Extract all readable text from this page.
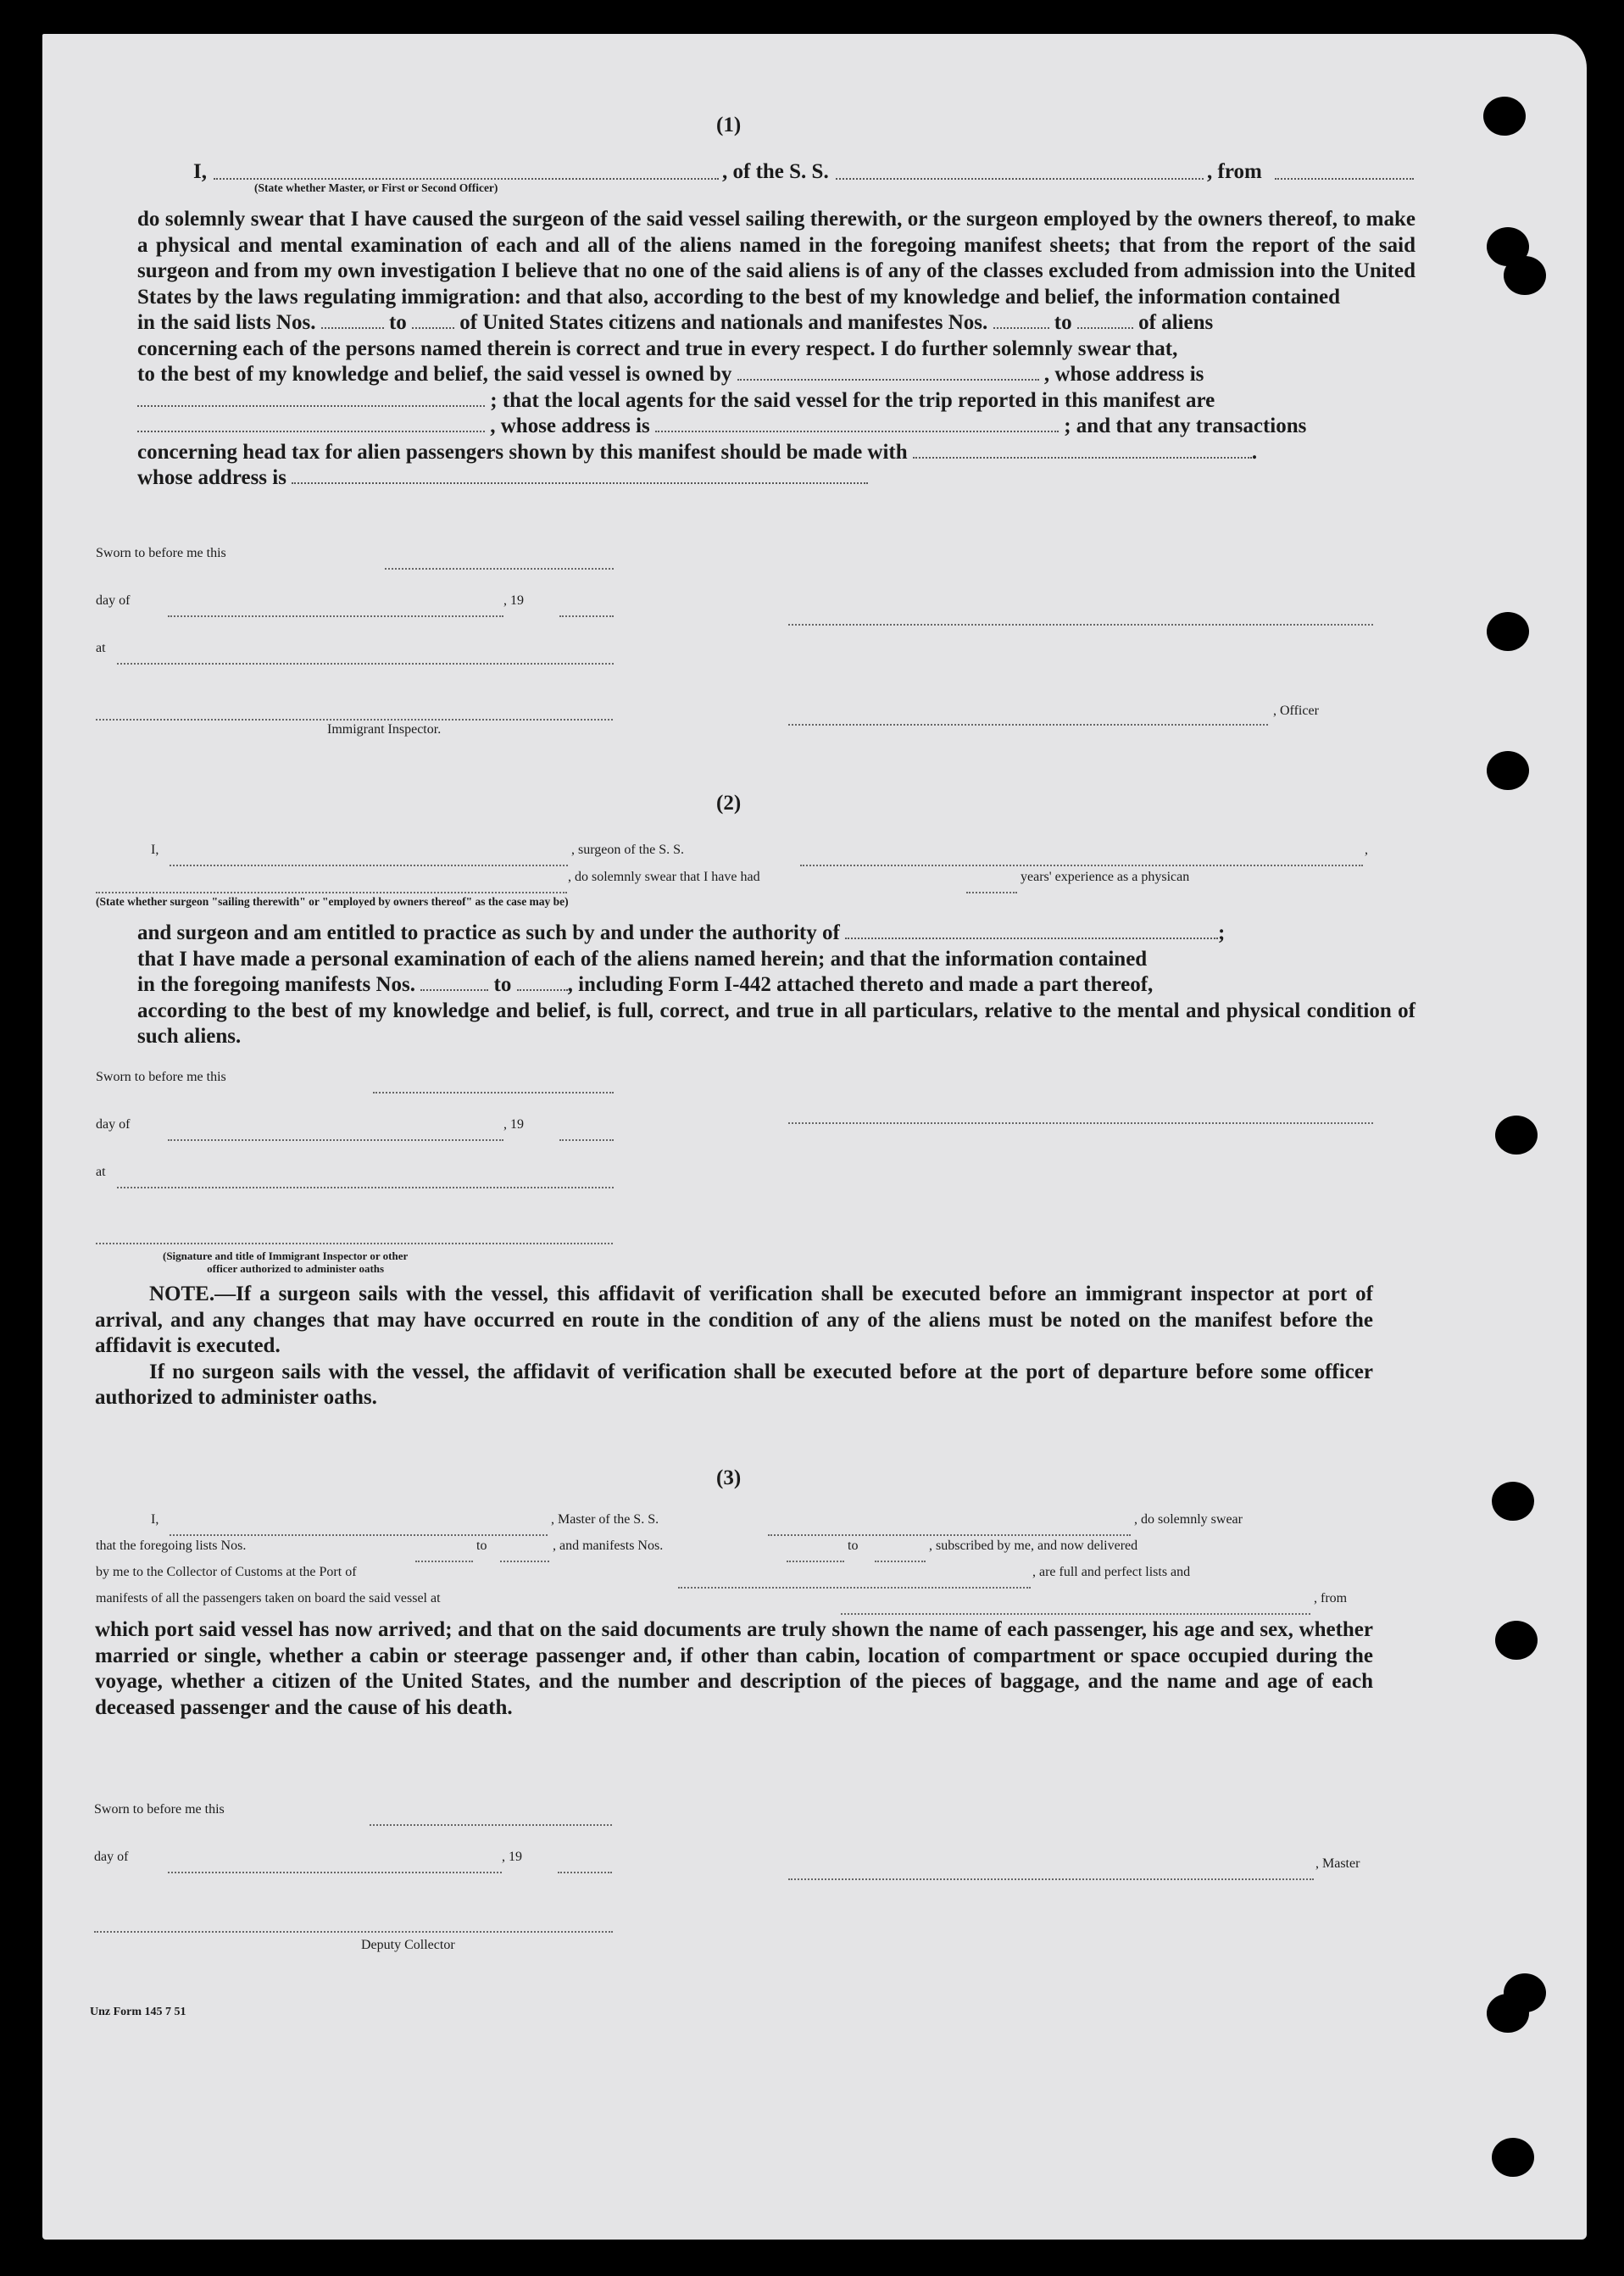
(1)
I,	, of the S. S.	, from
(State whether Master, or First or Second Officer)

do solemnly swear that I have caused the surgeon of the said vessel sailing therewith, or the surgeon employed by the owners thereof, to make a physical and mental examination of each and all of the aliens named in the foregoing manifest sheets; that from the report of the said surgeon and from my own investigation I believe that no one of the said aliens is of any of the classes excluded from admission into the United States by the laws regulating immigration: and that also, according to the best of my knowledge and belief, the information contained

in the said lists Nos.	to	of United States citizens and nationals and manifestes Nos.	to	of aliens

concerning each of the persons named therein is correct and true in every respect. I do further solemnly swear that,

to the best of my knowledge and belief, the said vessel is owned by	, whose address is
; that the local agents for the said vessel for the trip reported in this manifest are
, whose address is	; and that any transactions
concerning head tax for alien passengers shown by this manifest should be made with	.
whose address is
Sworn to before me this
day of	, 19
at
, Officer
Immigrant Inspector.
(2)
I,	, surgeon of the S. S.	,
, do solemnly swear that I have had	years' experience as a physican
(State whether surgeon "sailing therewith" or "employed by owners thereof" as the case may be)
and surgeon and am entitled to practice as such by and under the authority of	;

that I have made a personal examination of each of the aliens named herein; and that the information contained

in the foregoing manifests Nos.	to	, including Form I-442 attached thereto and made a part thereof,

according to the best of my knowledge and belief, is full, correct, and true in all particulars, relative to the mental and physical condition of such aliens.

Sworn to before me this
day of	, 19
at
(Signature and title of Immigrant Inspector or other
officer authorized to administer oaths

NOTE.—If a surgeon sails with the vessel, this affidavit of verification shall be executed before an immigrant inspector at port of arrival, and any changes that may have occurred en route in the condition of any of the aliens must be noted on the manifest before the affidavit is executed.

If no surgeon sails with the vessel, the affidavit of verification shall be executed before at the port of departure before some officer authorized to administer oaths.

(3)
I,	, Master of the S. S.	, do solemnly swear
that the foregoing lists Nos.	to	, and manifests Nos.	to	, subscribed by me, and now delivered
by me to the Collector of Customs at the Port of	, are full and perfect lists and
manifests of all the passengers taken on board the said vessel at	, from

which port said vessel has now arrived; and that on the said documents are truly shown the name of each passenger, his age and sex, whether married or single, whether a cabin or steerage passenger and, if other than cabin, location of compartment or space occupied during the voyage, whether a citizen of the United States, and the number and description of the pieces of baggage, and the name and age of each deceased passenger and the cause of his death.

Sworn to before me this
day of	, 19	, Master
Deputy Collector
Unz Form 145 7 51
